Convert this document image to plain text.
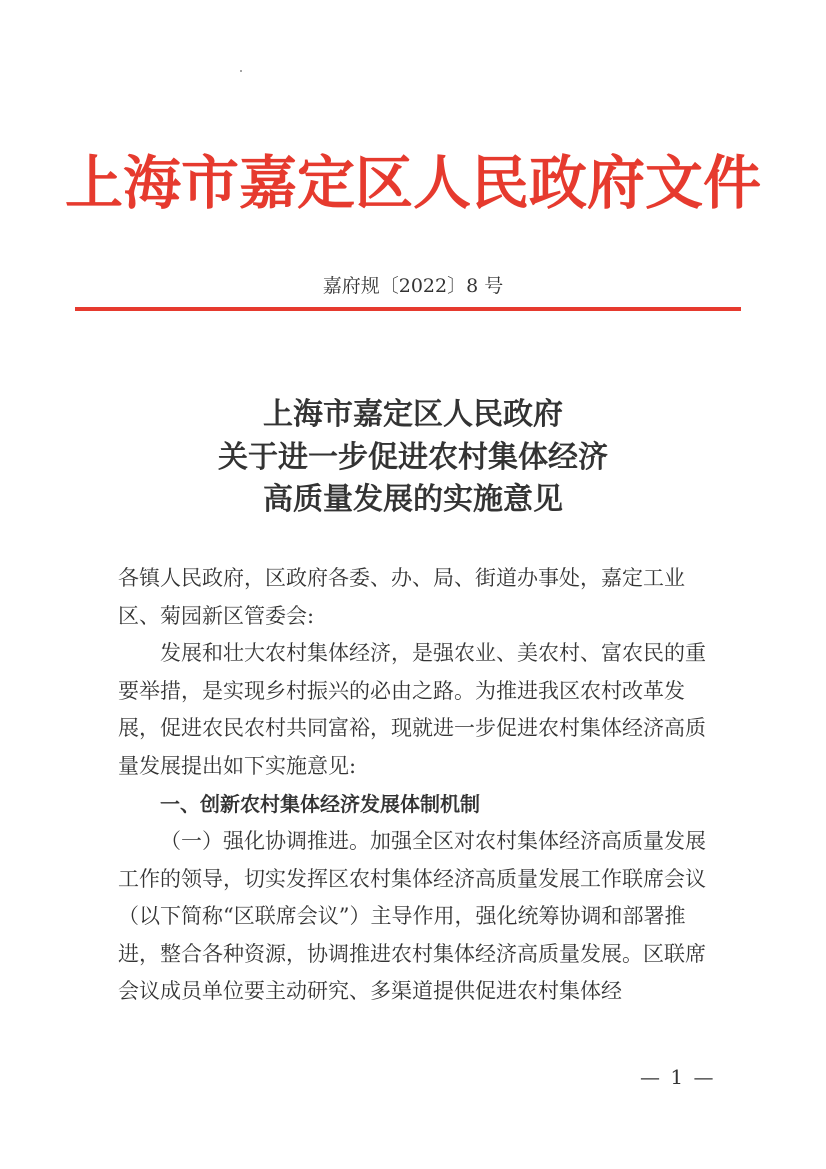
上海市嘉定区人民政府文件
嘉府规〔2022〕8 号
上海市嘉定区人民政府
关于进一步促进农村集体经济
高质量发展的实施意见
各镇人民政府，区政府各委、办、局、街道办事处，嘉定工业区、菊园新区管委会:
发展和壮大农村集体经济，是强农业、美农村、富农民的重要举措，是实现乡村振兴的必由之路。为推进我区农村改革发展，促进农民农村共同富裕，现就进一步促进农村集体经济高质量发展提出如下实施意见:
一、创新农村集体经济发展体制机制
（一）强化协调推进。加强全区对农村集体经济高质量发展工作的领导，切实发挥区农村集体经济高质量发展工作联席会议（以下简称“区联席会议”）主导作用，强化统筹协调和部署推进，整合各种资源，协调推进农村集体经济高质量发展。区联席会议成员单位要主动研究、多渠道提供促进农村集体经
— 1 —
